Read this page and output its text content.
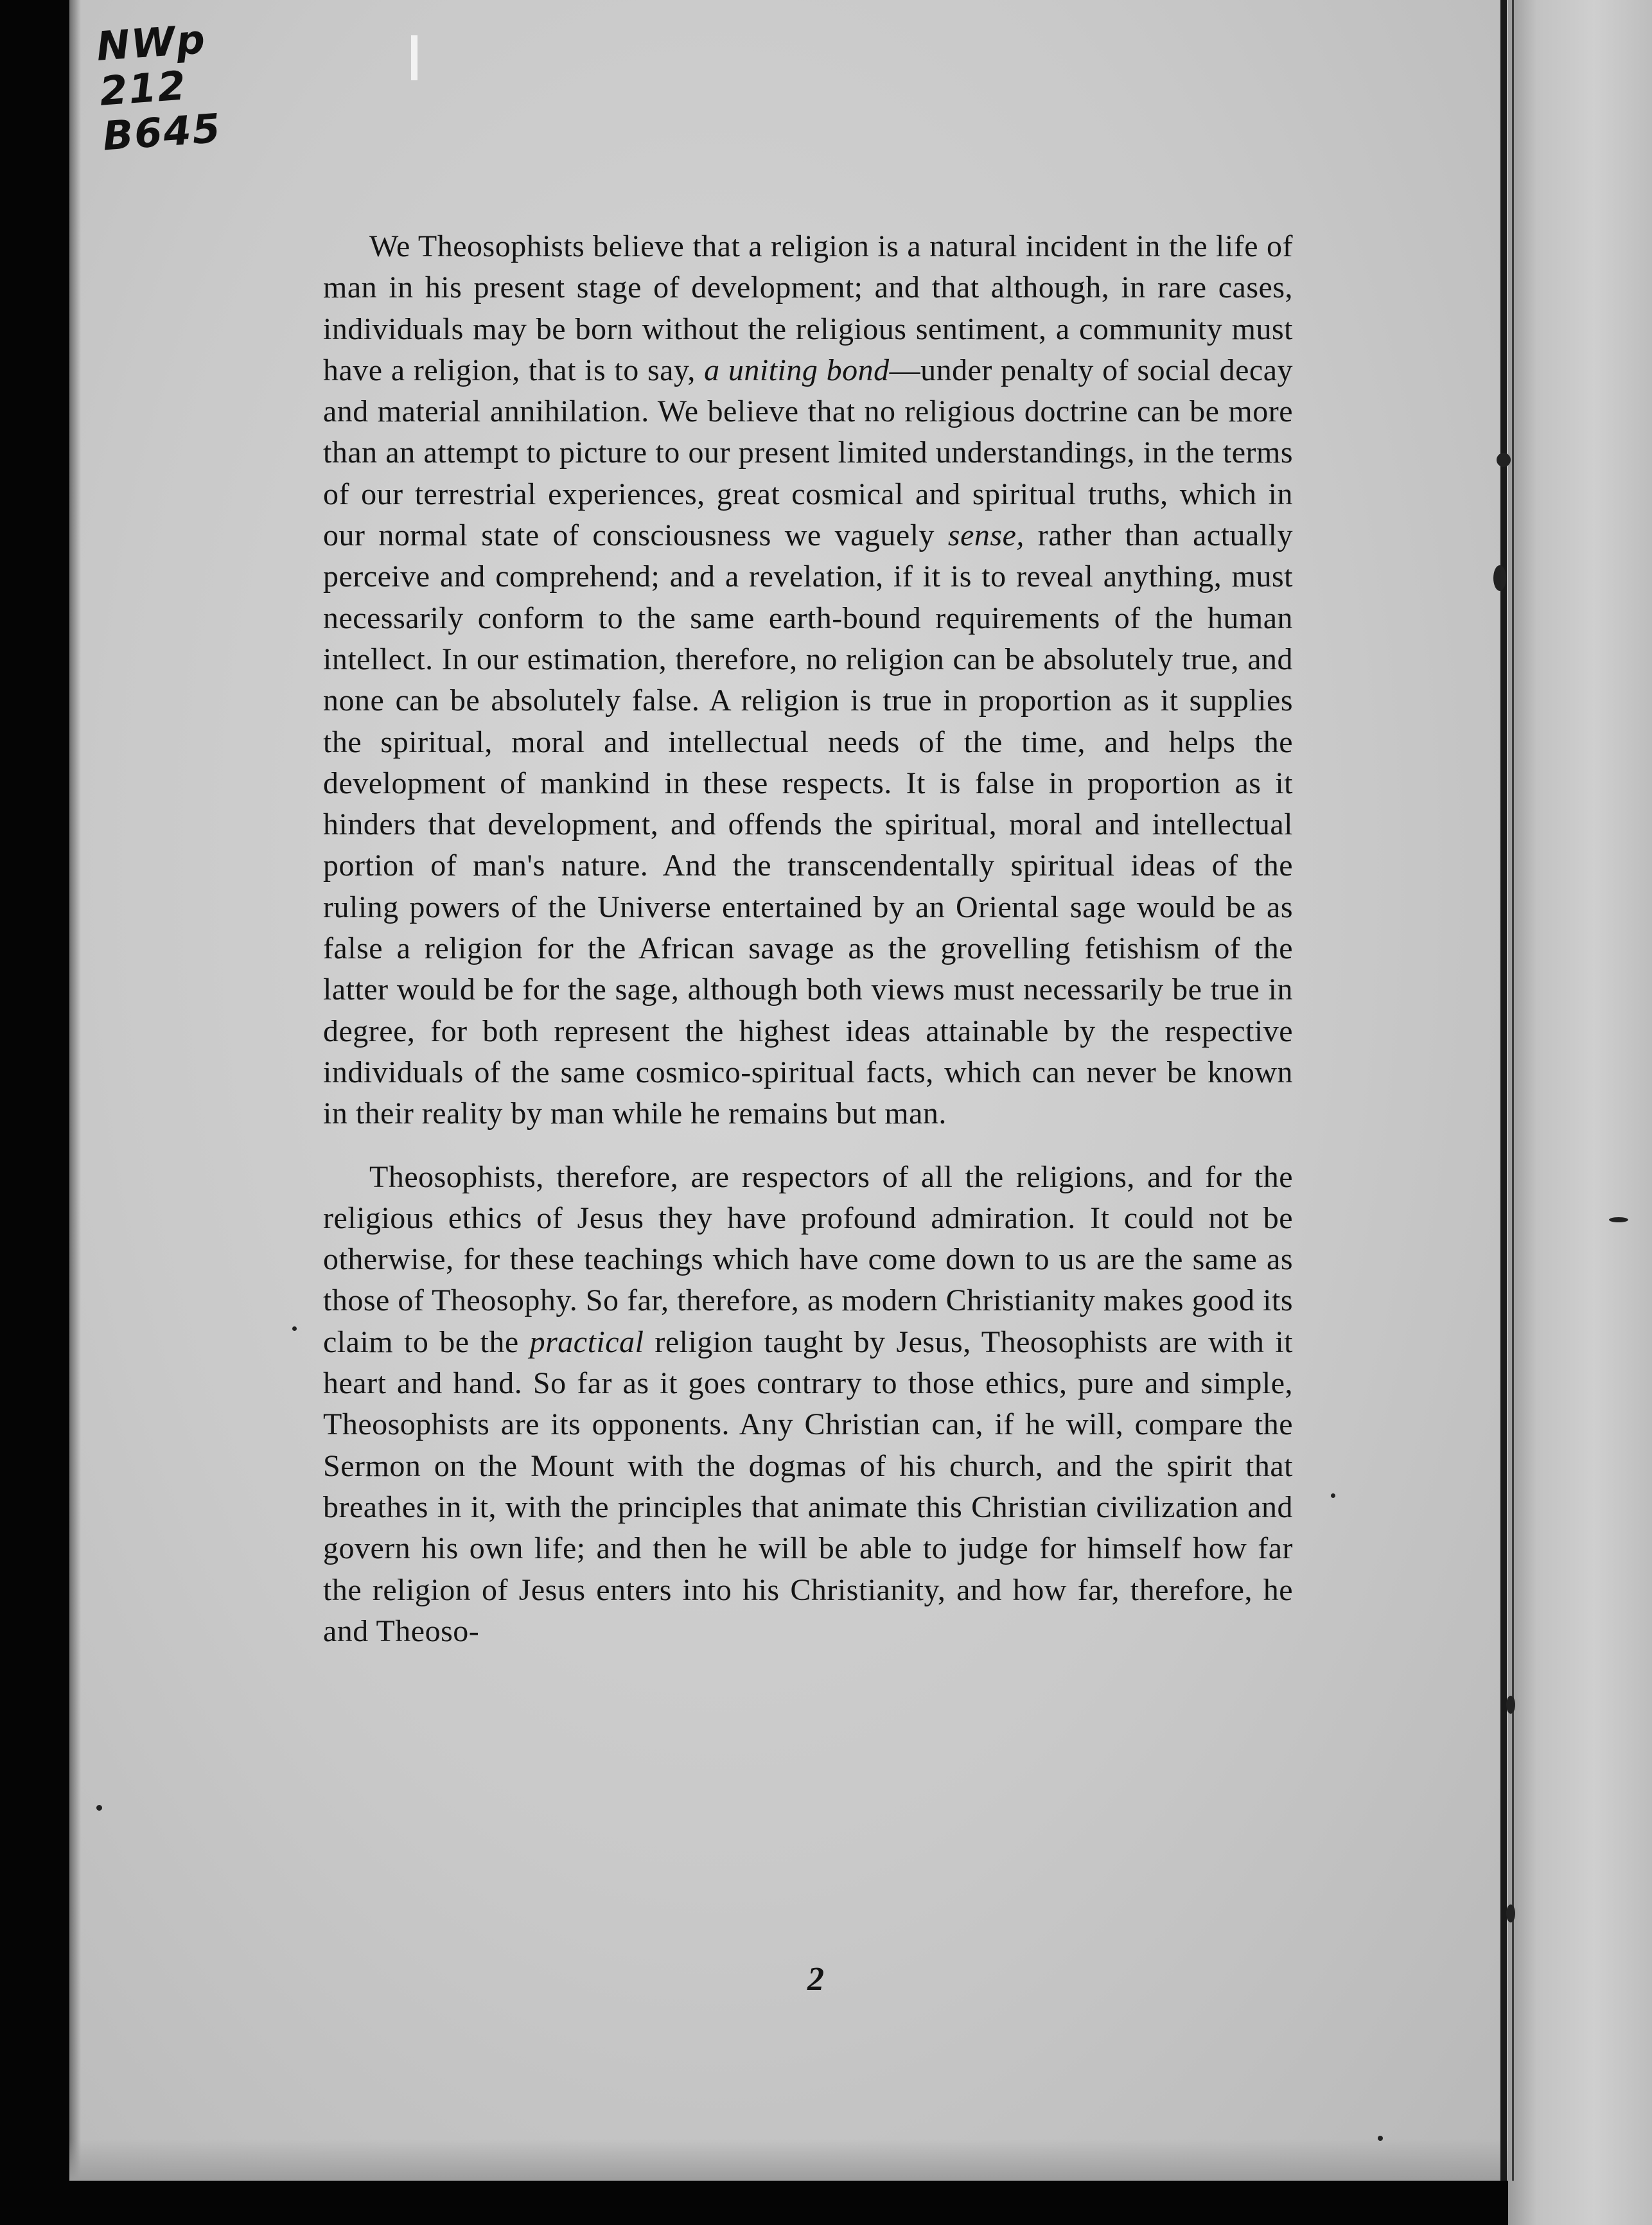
NWp
212
B645

We Theosophists believe that a religion is a natural incident in the life of man in his present stage of development; and that although, in rare cases, individuals may be born without the religious sentiment, a community must have a religion, that is to say, a uniting bond—under penalty of social decay and material annihilation. We believe that no religious doctrine can be more than an attempt to picture to our present limited understandings, in the terms of our terrestrial experiences, great cosmical and spiritual truths, which in our normal state of consciousness we vaguely sense, rather than actually perceive and comprehend; and a revelation, if it is to reveal anything, must necessarily conform to the same earth-bound requirements of the human intellect. In our estimation, therefore, no religion can be absolutely true, and none can be absolutely false. A religion is true in proportion as it supplies the spiritual, moral and intellectual needs of the time, and helps the development of mankind in these respects. It is false in proportion as it hinders that development, and offends the spiritual, moral and intellectual portion of man's nature. And the transcendentally spiritual ideas of the ruling powers of the Universe entertained by an Oriental sage would be as false a religion for the African savage as the grovelling fetishism of the latter would be for the sage, although both views must necessarily be true in degree, for both represent the highest ideas attainable by the respective individuals of the same cosmico-spiritual facts, which can never be known in their reality by man while he remains but man.

Theosophists, therefore, are respectors of all the religions, and for the religious ethics of Jesus they have profound admiration. It could not be otherwise, for these teachings which have come down to us are the same as those of Theosophy. So far, therefore, as modern Christianity makes good its claim to be the practical religion taught by Jesus, Theosophists are with it heart and hand. So far as it goes contrary to those ethics, pure and simple, Theosophists are its opponents. Any Christian can, if he will, compare the Sermon on the Mount with the dogmas of his church, and the spirit that breathes in it, with the principles that animate this Christian civilization and govern his own life; and then he will be able to judge for himself how far the religion of Jesus enters into his Christianity, and how far, therefore, he and Theoso-

2
